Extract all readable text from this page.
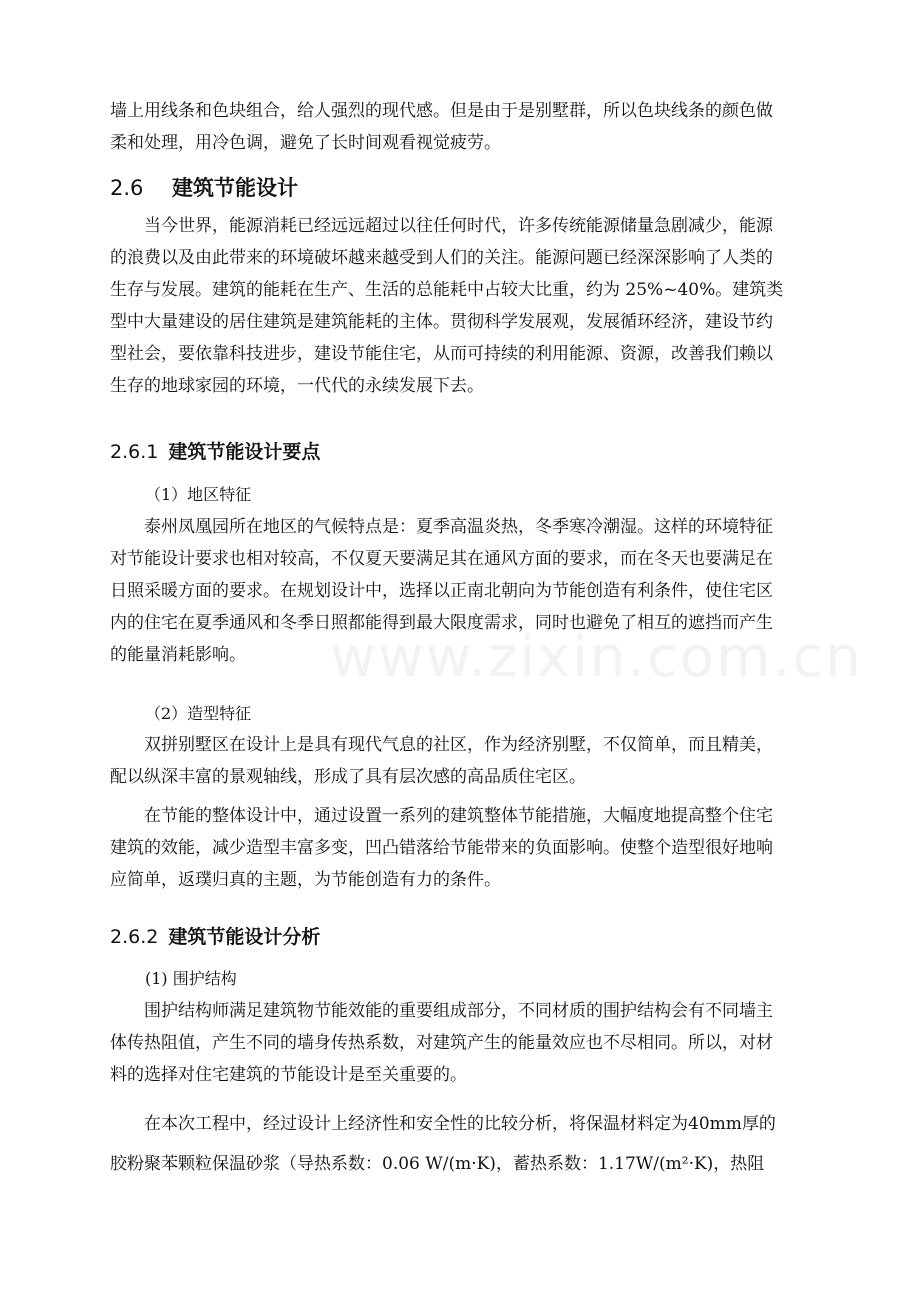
墙上用线条和色块组合，给人强烈的现代感。但是由于是别墅群，所以色块线条的颜色做
柔和处理，用冷色调，避免了长时间观看视觉疲劳。
2.6 建筑节能设计
当今世界，能源消耗已经远远超过以往任何时代，许多传统能源储量急剧减少，能源
的浪费以及由此带来的环境破坏越来越受到人们的关注。能源问题已经深深影响了人类的
生存与发展。建筑的能耗在生产、生活的总能耗中占较大比重，约为 25%~40%。建筑类
型中大量建设的居住建筑是建筑能耗的主体。贯彻科学发展观，发展循环经济，建设节约
型社会，要依靠科技进步，建设节能住宅，从而可持续的利用能源、资源，改善我们赖以
生存的地球家园的环境，一代代的永续发展下去。
2.6.1 建筑节能设计要点

（1）地区特征

泰州凤凰园所在地区的气候特点是：夏季高温炎热，冬季寒冷潮湿。这样的环境特征
对节能设计要求也相对较高，不仅夏天要满足其在通风方面的要求，而在冬天也要满足在
日照采暖方面的要求。在规划设计中，选择以正南北朝向为节能创造有利条件，使住宅区
内的住宅在夏季通风和冬季日照都能得到最大限度需求，同时也避免了相互的遮挡而产生
的能量消耗影响。

（2）造型特征

双拼别墅区在设计上是具有现代气息的社区，作为经济别墅，不仅简单，而且精美，
配以纵深丰富的景观轴线，形成了具有层次感的高品质住宅区。
在节能的整体设计中，通过设置一系列的建筑整体节能措施，大幅度地提高整个住宅
建筑的效能，减少造型丰富多变，凹凸错落给节能带来的负面影响。使整个造型很好地响
应简单，返璞归真的主题，为节能创造有力的条件。
2.6.2 建筑节能设计分析

(1) 围护结构

围护结构师满足建筑物节能效能的重要组成部分，不同材质的围护结构会有不同墙主
体传热阻值，产生不同的墙身传热系数，对建筑产生的能量效应也不尽相同。所以，对材
料的选择对住宅建筑的节能设计是至关重要的。
在本次工程中，经过设计上经济性和安全性的比较分析，将保温材料定为40mm厚的
胶粉聚苯颗粒保温砂浆（导热系数：0.06 W/(m·K)，蓄热系数：1.17W/(m²·K)，热阻
www.zixin.com.cn
